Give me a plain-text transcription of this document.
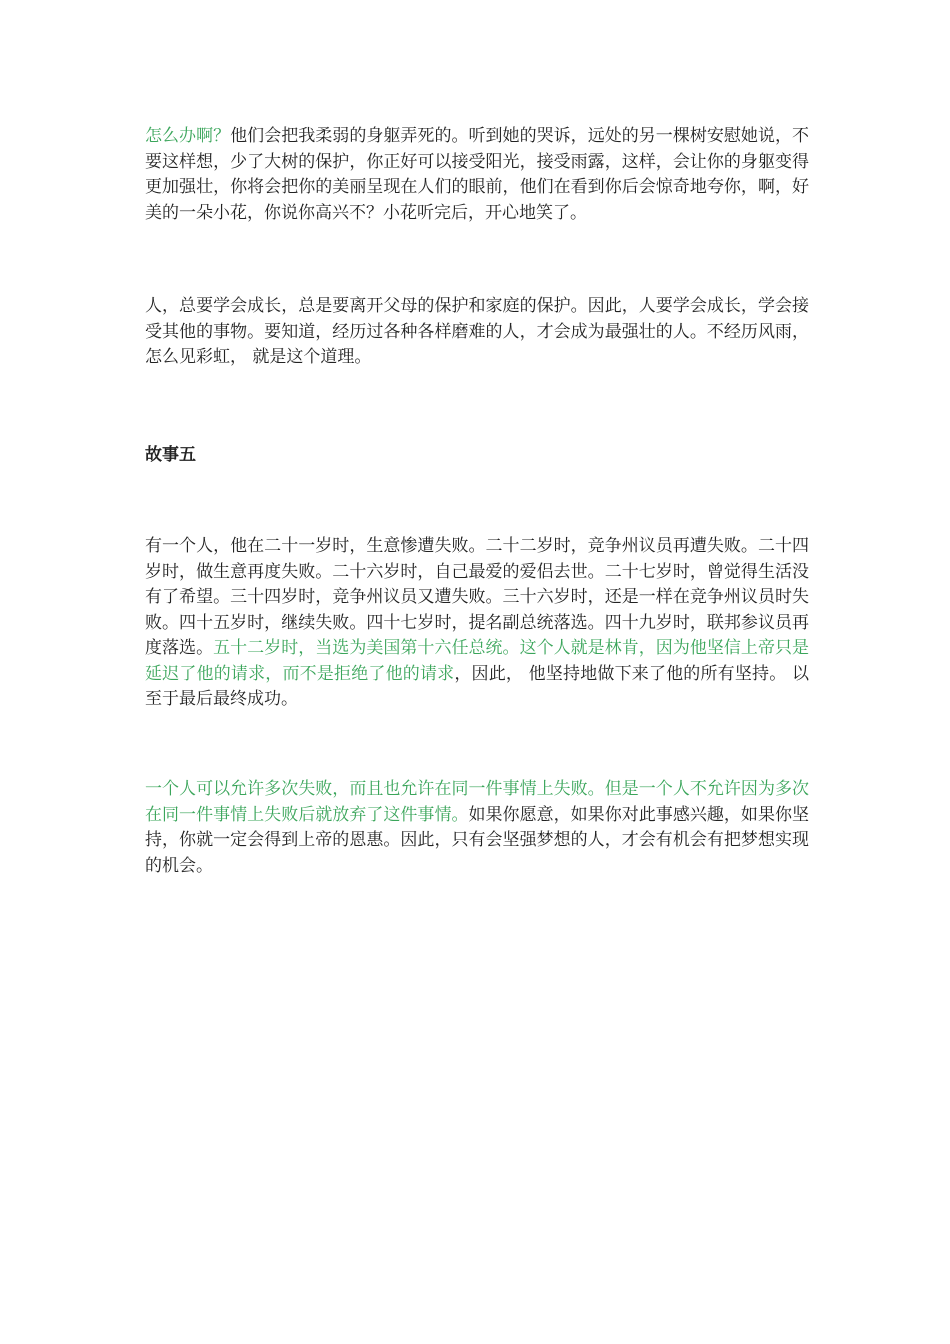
怎么办啊？他们会把我柔弱的身躯弄死的。听到她的哭诉，远处的另一棵树安慰她说，不要这样想，少了大树的保护，你正好可以接受阳光，接受雨露，这样，会让你的身躯变得更加强壮，你将会把你的美丽呈现在人们的眼前，他们在看到你后会惊奇地夸你，啊，好美的一朵小花，你说你高兴不？小花听完后，开心地笑了。

人，总要学会成长，总是要离开父母的保护和家庭的保护。因此，人要学会成长，学会接受其他的事物。要知道，经历过各种各样磨难的人，才会成为最强壮的人。不经历风雨， 怎么见彩虹， 就是这个道理。

故事五

有一个人，他在二十一岁时，生意惨遭失败。二十二岁时，竞争州议员再遭失败。二十四岁时，做生意再度失败。二十六岁时，自己最爱的爱侣去世。二十七岁时，曾觉得生活没有了希望。三十四岁时，竞争州议员又遭失败。三十六岁时，还是一样在竞争州议员时失败。四十五岁时，继续失败。四十七岁时，提名副总统落选。四十九岁时，联邦参议员再度落选。五十二岁时，当选为美国第十六任总统。这个人就是林肯，因为他坚信上帝只是延迟了他的请求，而不是拒绝了他的请求，因此， 他坚持地做下来了他的所有坚持。 以至于最后最终成功。

一个人可以允许多次失败，而且也允许在同一件事情上失败。但是一个人不允许因为多次在同一件事情上失败后就放弃了这件事情。如果你愿意，如果你对此事感兴趣，如果你坚持，你就一定会得到上帝的恩惠。因此，只有会坚强梦想的人，才会有机会有把梦想实现的机会。
